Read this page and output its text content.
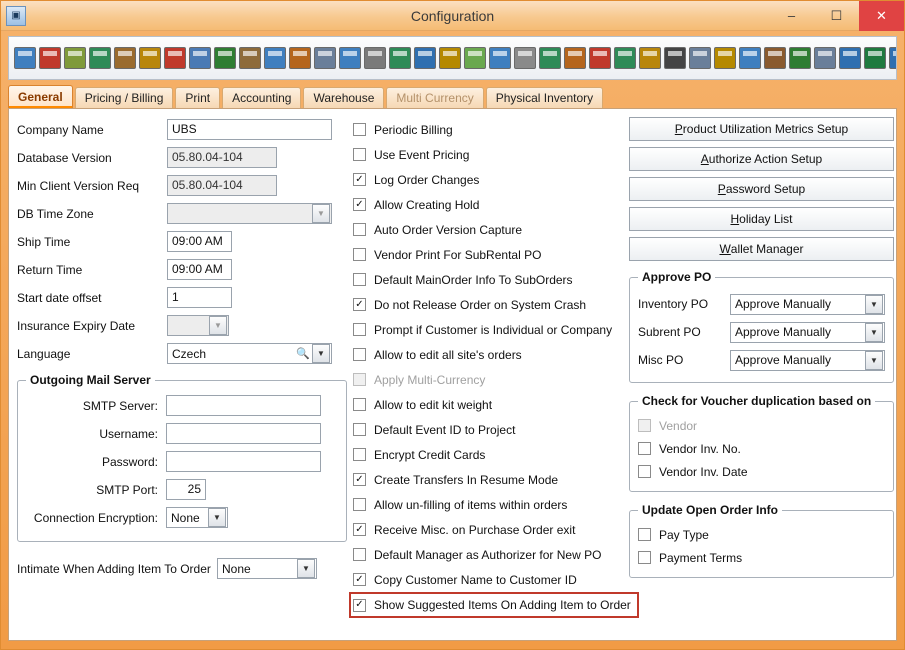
▣	Configuration	–	☐	✕
General	Pricing / Billing	Print	Accounting	Warehouse	Multi Currency	Physical Inventory
Company Name	UBS
Database Version	05.80.04-104
Min Client Version Req	05.80.04-104
DB Time Zone	▼
Ship Time	09:00 AM
Return Time	09:00 AM
Start date offset	1
Insurance Expiry Date	▼
Language	Czech	🔍 ▼
Outgoing Mail Server
SMTP Server:
Username:
Password:
SMTP Port:	25
Connection Encryption:	None	▼
Intimate When Adding Item To Order None	▼
Periodic Billing
Use Event Pricing
✓ Log Order Changes
✓ Allow Creating Hold
Auto Order Version Capture
Vendor Print For SubRental PO
Default MainOrder Info To SubOrders
✓ Do not Release Order on System Crash
Prompt if Customer is Individual or Company
Allow to edit all site's orders
Apply Multi-Currency
Allow to edit kit weight
Default Event ID to Project
Encrypt Credit Cards
✓ Create Transfers In Resume Mode
Allow un-filling of items within orders
✓ Receive Misc. on Purchase Order exit
Default Manager as Authorizer for New PO
✓ Copy Customer Name to Customer ID
✓ Show Suggested Items On Adding Item to Order
P roduct Utilization Metrics Setup
A uthorize Action Setup
P assword Setup
H oliday List
W allet Manager
Approve PO
Inventory PO	Approve Manually	▼
Subrent PO	Approve Manually	▼
Misc PO	Approve Manually	▼
Check for Voucher duplication based on
Vendor
Vendor Inv. No.
Vendor Inv. Date
Update Open Order Info
Pay Type
Payment Terms
